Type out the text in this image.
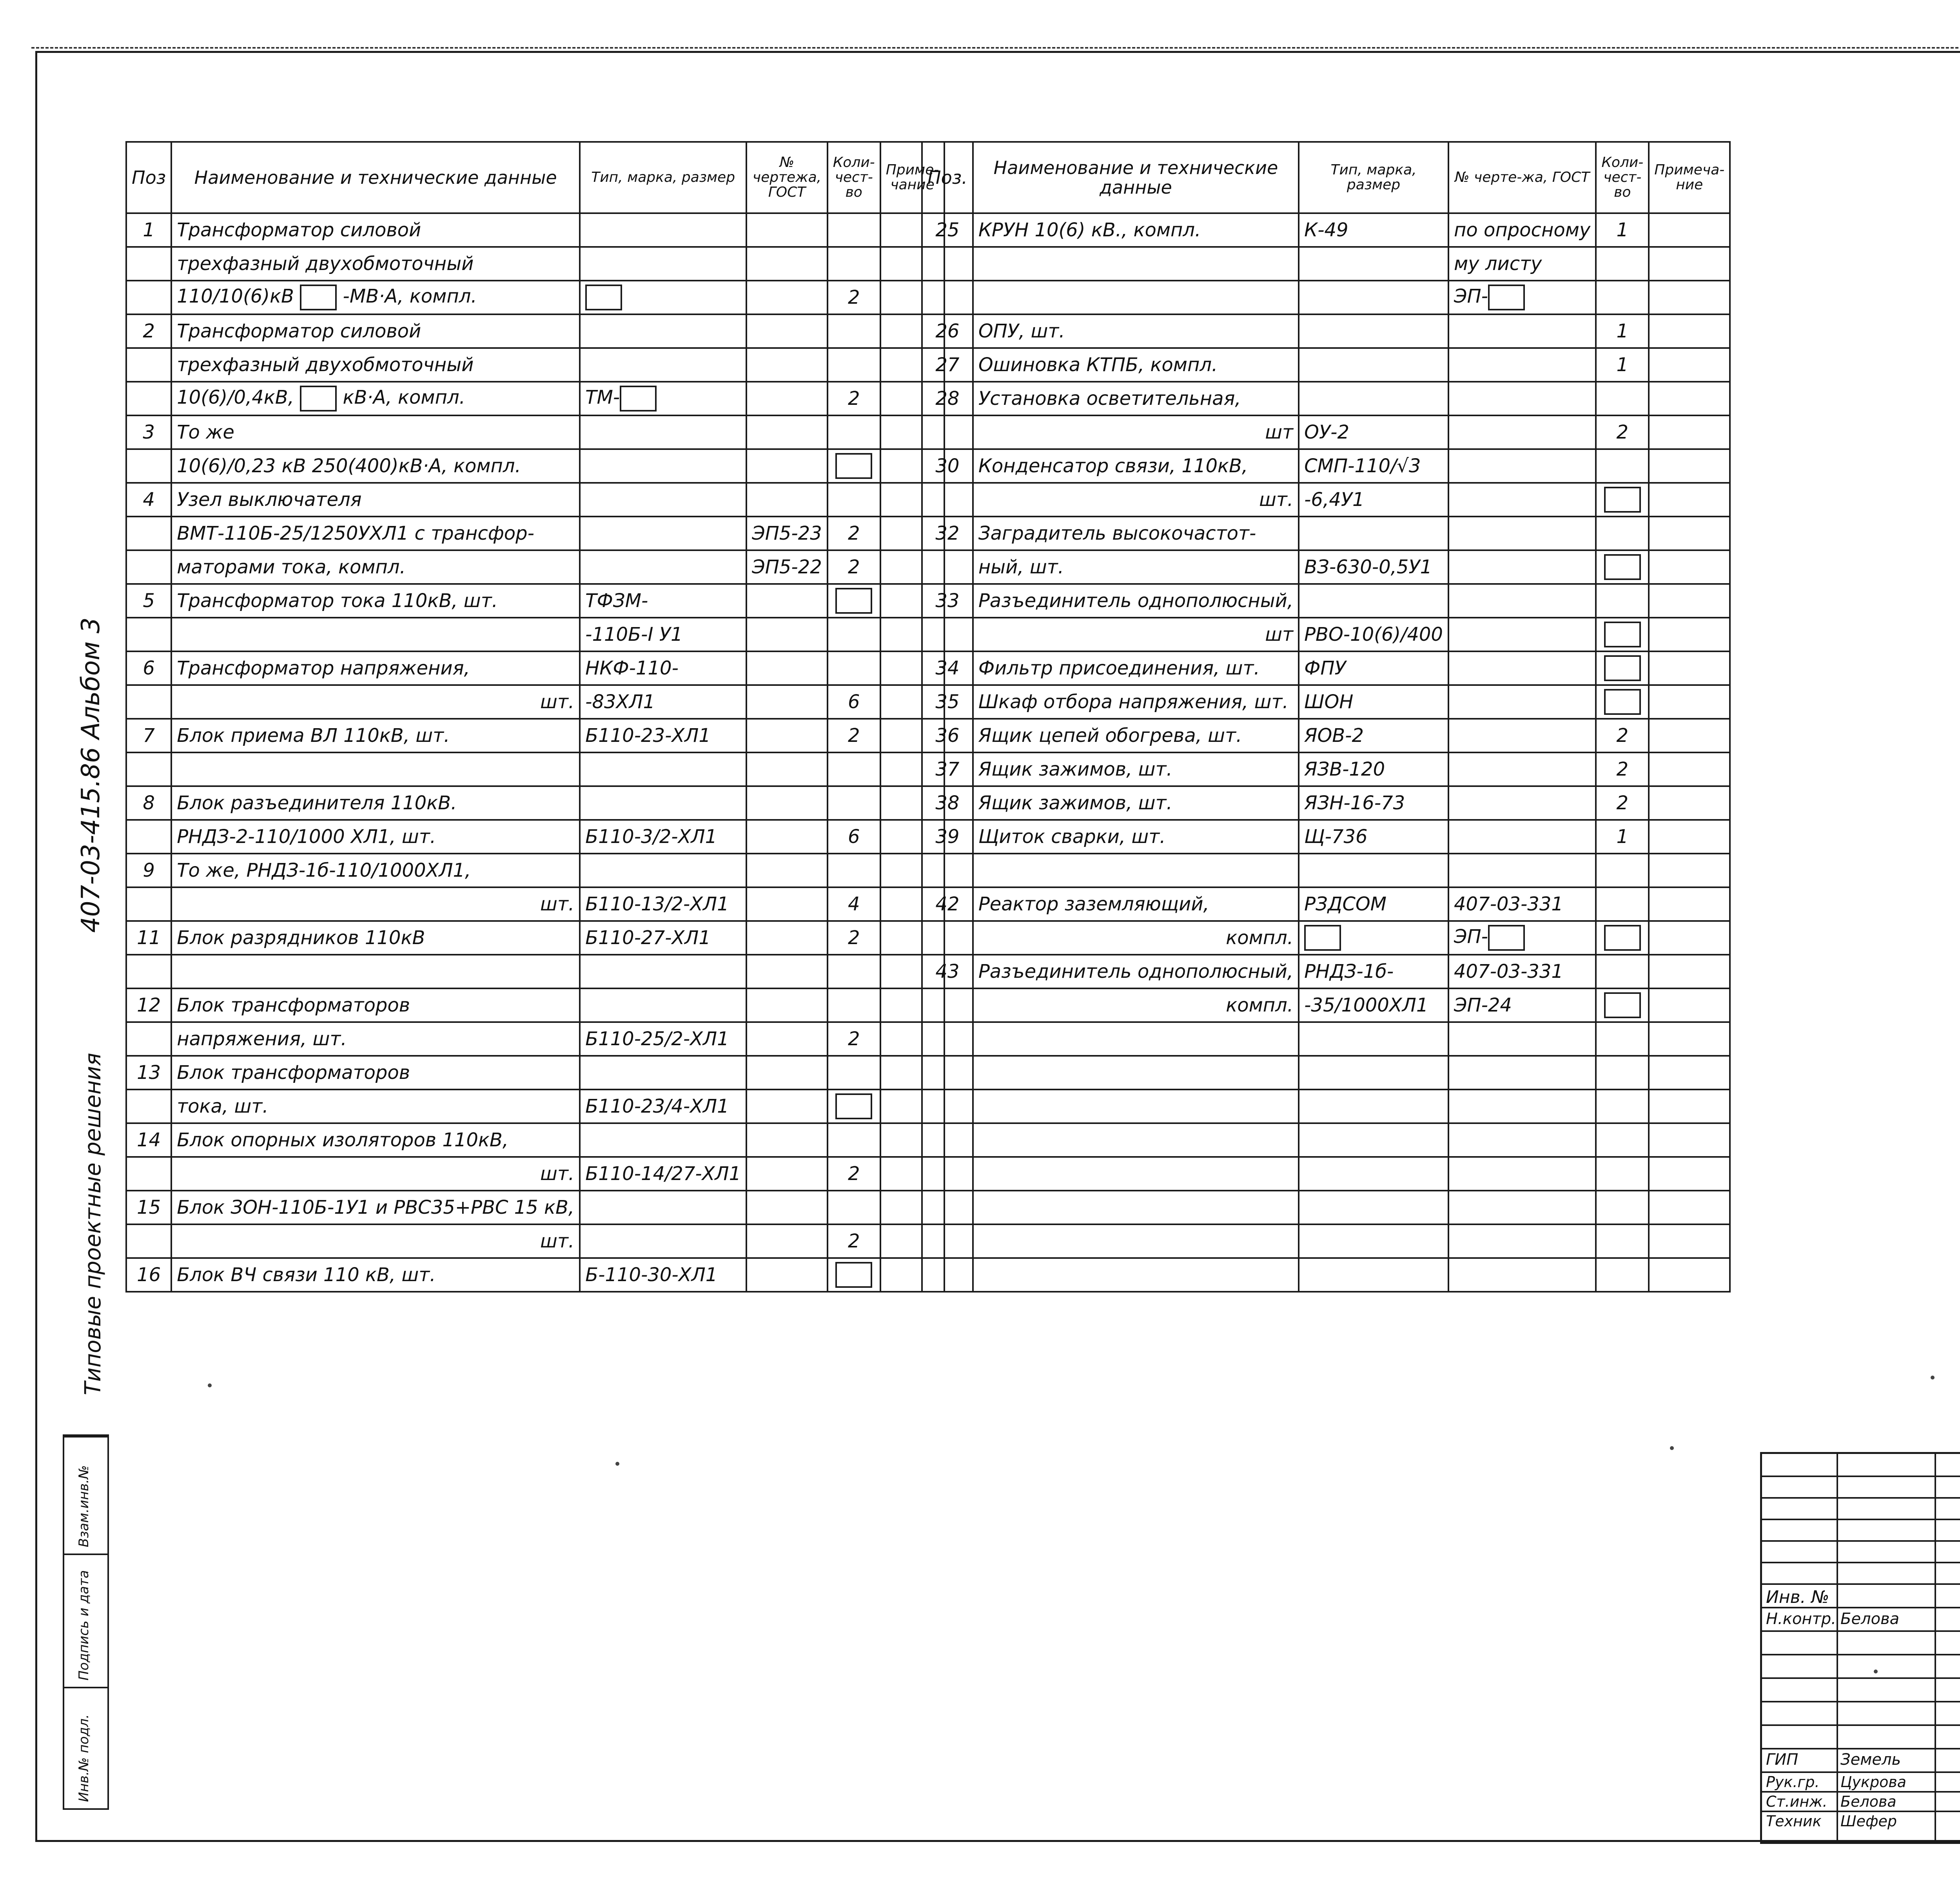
407-03-415.86 Альбом 3
Типовые проектные решения
Взам.инв.№
Подпись и дата
Инв.№ подл.
Поз	Наименование и технические данные	Тип, марка, размер	№ чертежа, ГОСТ	Коли-чест-во	Приме-чание
1	Трансформатор силовой				
	трехфазный двухобмоточный				
	110/10(6)кВ  -МВ·А, компл.			2	
2	Трансформатор силовой				
	трехфазный двухобмоточный				
	10(6)/0,4кВ,  кВ·А, компл.	ТМ-		2	
3	То же				
	10(6)/0,23 кВ 250(400)кВ·А, компл.				
4	Узел выключателя				
	ВМТ-110Б-25/1250УХЛ1 с трансфор-		ЭП5-23	2	
	маторами тока, компл.		ЭП5-22	2	
5	Трансформатор тока 110кВ, шт.	ТФЗМ-			
		-110Б-I У1			
6	Трансформатор напряжения,	НКФ-110-			
	шт.	-83ХЛ1		6	
7	Блок приема ВЛ 110кВ, шт.	Б110-23-ХЛ1		2	

8	Блок разъединителя 110кВ.				
	РНДЗ-2-110/1000 ХЛ1, шт.	Б110-3/2-ХЛ1		6	
9	То же, РНДЗ-1б-110/1000ХЛ1,				
	шт.	Б110-13/2-ХЛ1		4	
11	Блок разрядников 110кВ	Б110-27-ХЛ1		2	

12	Блок трансформаторов				
	напряжения, шт.	Б110-25/2-ХЛ1		2	
13	Блок трансформаторов				
	тока, шт.	Б110-23/4-ХЛ1			
14	Блок опорных изоляторов 110кВ,				
	шт.	Б110-14/27-ХЛ1		2	
15	Блок ЗОН-110Б-1У1 и РВС35+РВС 15 кВ,				
	шт.			2	
16	Блок ВЧ связи 110 кВ, шт.	Б-110-30-ХЛ1			
Поз.	Наименование и технические данные	Тип, марка, размер	№ черте-жа, ГОСТ	Коли-чест-во	Примеча-ние
25	КРУН 10(6) кВ., компл.	К-49	по опросному	1	
			му листу		
			ЭП-		
26	ОПУ, шт.			1	
27	Ошиновка КТПБ, компл.			1	
28	Установка осветительная,				
	шт	ОУ-2		2	
30	Конденсатор связи, 110кВ,	СМП-110/√3			
	шт.	-6,4У1			
32	Заградитель высокочастот-				
	ный, шт.	ВЗ-630-0,5У1			
33	Разъединитель однополюсный,				
	шт	РВО-10(6)/400			
34	Фильтр присоединения, шт.	ФПУ			
35	Шкаф отбора напряжения, шт.	ШОН			
36	Ящик цепей обогрева, шт.	ЯОВ-2		2	
37	Ящик зажимов, шт.	ЯЗВ-120		2	
38	Ящик зажимов, шт.	ЯЗН-16-73		2	
39	Щиток сварки, шт.	Щ-736		1	

42	Реактор заземляющий,	РЗДСОМ	407-03-331		
	компл.		ЭП-		
43	Разъединитель однополюсный,	РНДЗ-1б-	407-03-331		
	компл.	-35/1000ХЛ1	ЭП-24		

Инв. №
Н.контр. Белова
ГИП	Земель
Рук.гр. Цукрова
Ст.инж. Белова
Техник Шефер
